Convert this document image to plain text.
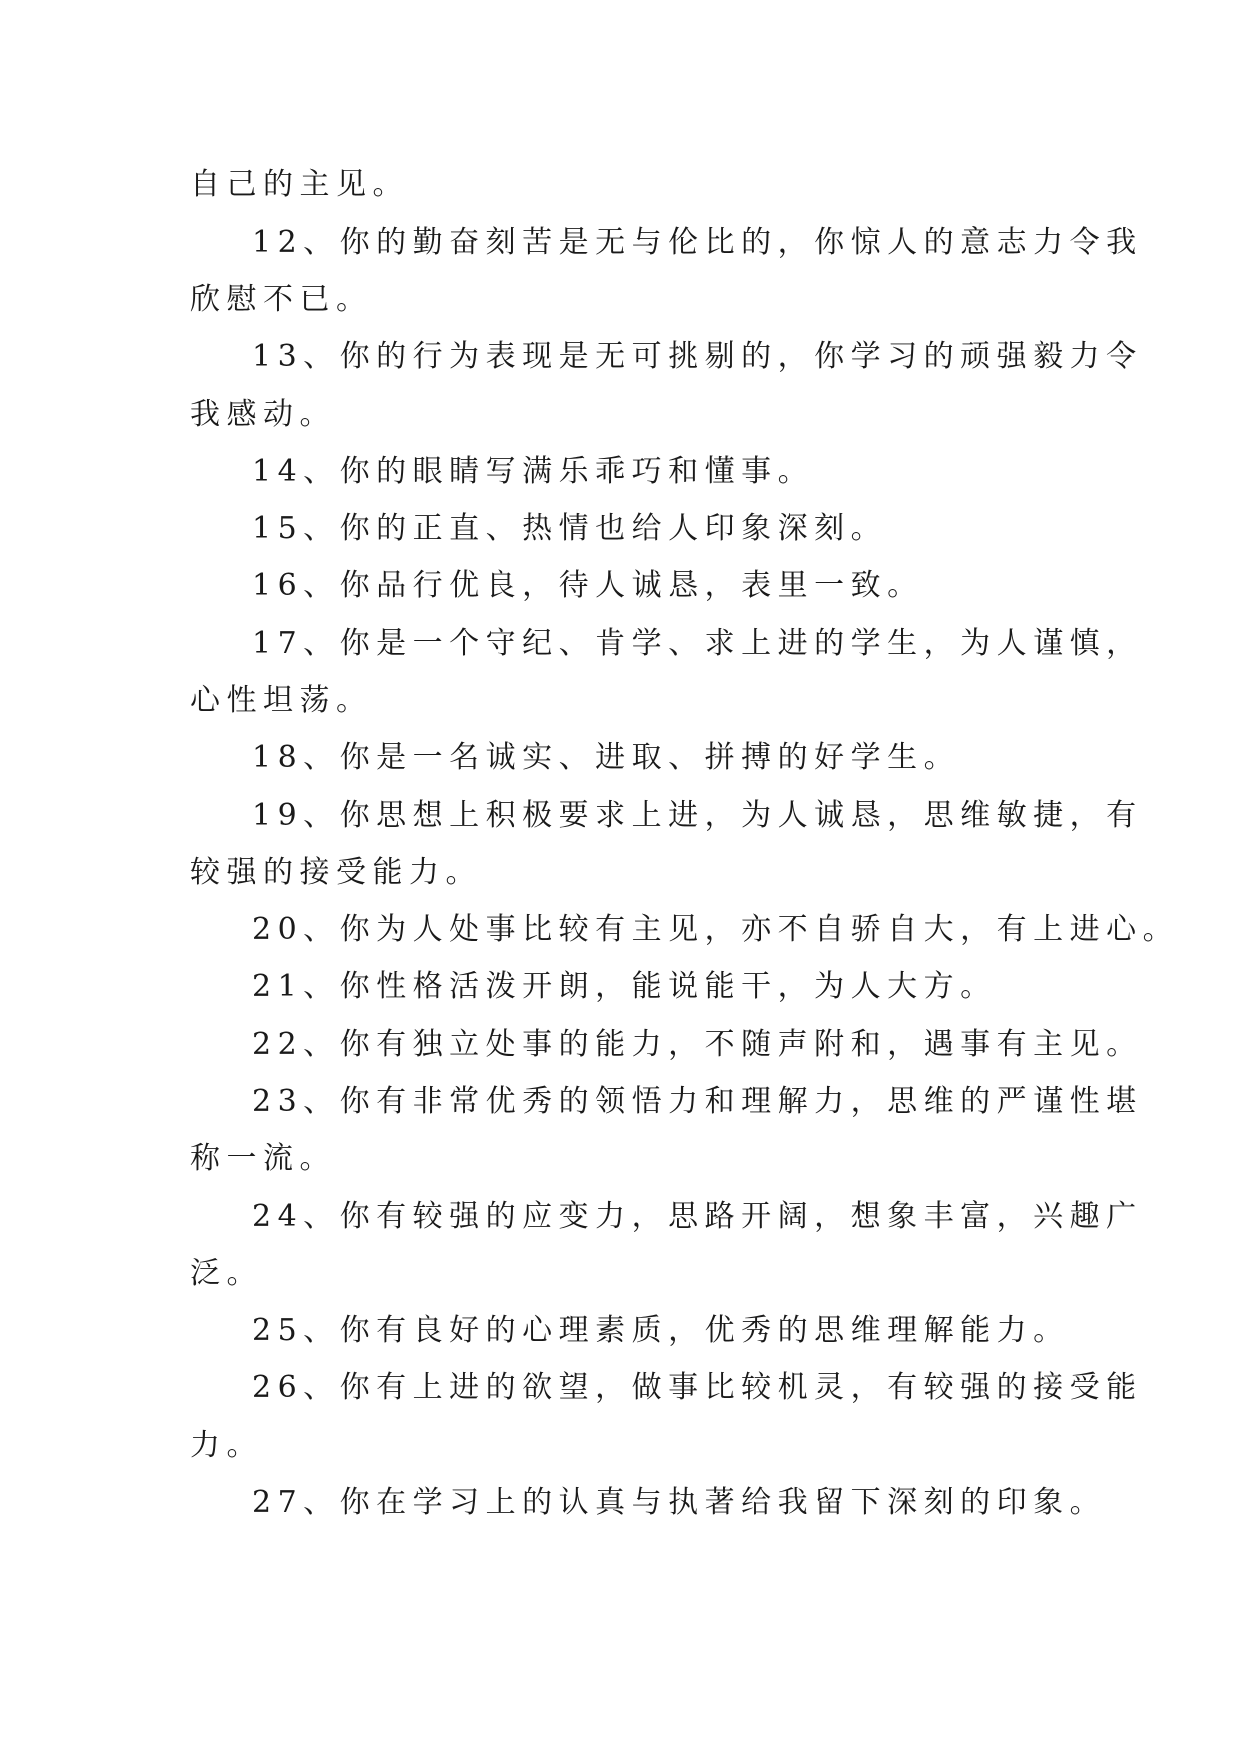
自己的主见。
12、你的勤奋刻苦是无与伦比的，你惊人的意志力令我
欣慰不已。
13、你的行为表现是无可挑剔的，你学习的顽强毅力令
我感动。
14、你的眼睛写满乐乖巧和懂事。
15、你的正直、热情也给人印象深刻。
16、你品行优良，待人诚恳，表里一致。
17、你是一个守纪、肯学、求上进的学生，为人谨慎，
心性坦荡。
18、你是一名诚实、进取、拼搏的好学生。
19、你思想上积极要求上进，为人诚恳，思维敏捷，有
较强的接受能力。
20、你为人处事比较有主见，亦不自骄自大，有上进心。
21、你性格活泼开朗，能说能干，为人大方。
22、你有独立处事的能力，不随声附和，遇事有主见。
23、你有非常优秀的领悟力和理解力，思维的严谨性堪
称一流。
24、你有较强的应变力，思路开阔，想象丰富，兴趣广
泛。
25、你有良好的心理素质，优秀的思维理解能力。
26、你有上进的欲望，做事比较机灵，有较强的接受能
力。
27、你在学习上的认真与执著给我留下深刻的印象。
